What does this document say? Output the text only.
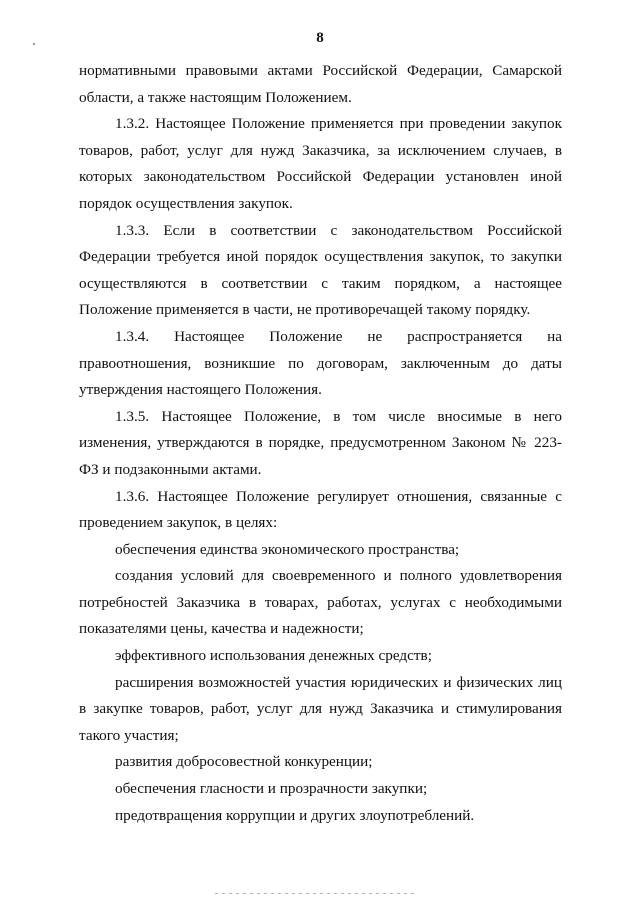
8

нормативными правовыми актами Российской Федерации, Самарской области, а также настоящим Положением.

1.3.2. Настоящее Положение применяется при проведении закупок товаров, работ, услуг для нужд Заказчика, за исключением случаев, в которых законодательством Российской Федерации установлен иной порядок осуществления закупок.

1.3.3. Если в соответствии с законодательством Российской Федерации требуется иной порядок осуществления закупок, то закупки осуществляются в соответствии с таким порядком, а настоящее Положение применяется в части, не противоречащей такому порядку.

1.3.4. Настоящее Положение не распространяется на правоотношения, возникшие по договорам, заключенным до даты утверждения настоящего Положения.

1.3.5. Настоящее Положение, в том числе вносимые в него изменения, утверждаются в порядке, предусмотренном Законом № 223-ФЗ и подзаконными актами.

1.3.6. Настоящее Положение регулирует отношения, связанные с проведением закупок, в целях:

обеспечения единства экономического пространства;

создания условий для своевременного и полного удовлетворения потребностей Заказчика в товарах, работах, услугах с необходимыми показателями цены, качества и надежности;

эффективного использования денежных средств;

расширения возможностей участия юридических и физических лиц в закупке товаров, работ, услуг для нужд Заказчика и стимулирования такого участия;

развития добросовестной конкуренции;

обеспечения гласности и прозрачности закупки;

предотвращения коррупции и других злоупотреблений.
